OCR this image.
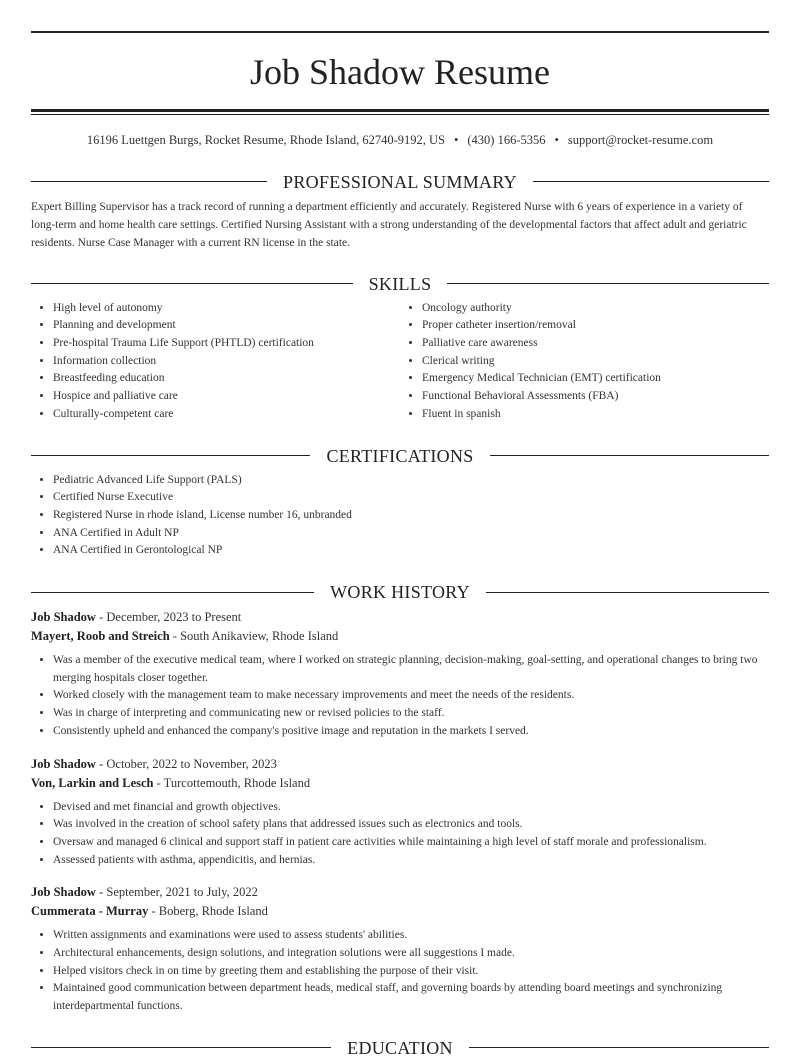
Job Shadow Resume
16196 Luettgen Burgs, Rocket Resume, Rhode Island, 62740-9192, US • (430) 166-5356 • support@rocket-resume.com
PROFESSIONAL SUMMARY

Expert Billing Supervisor has a track record of running a department efficiently and accurately. Registered Nurse with 6 years of experience in a variety of long-term and home health care settings. Certified Nursing Assistant with a strong understanding of the developmental factors that affect adult and geriatric residents. Nurse Case Manager with a current RN license in the state.

SKILLS
• High level of autonomy
• Planning and development
• Pre-hospital Trauma Life Support (PHTLD) certification
• Information collection
• Breastfeeding education
• Hospice and palliative care
• Culturally-competent care
• Oncology authority
• Proper catheter insertion/removal
• Palliative care awareness
• Clerical writing
• Emergency Medical Technician (EMT) certification
• Functional Behavioral Assessments (FBA)
• Fluent in spanish
CERTIFICATIONS
• Pediatric Advanced Life Support (PALS)
• Certified Nurse Executive
• Registered Nurse in rhode island, License number 16, unbranded
• ANA Certified in Adult NP
• ANA Certified in Gerontological NP
WORK HISTORY
Job Shadow - December, 2023 to Present
Mayert, Roob and Streich - South Anikaview, Rhode Island
• Was a member of the executive medical team, where I worked on strategic planning, decision-making, goal-setting, and operational changes to bring two merging hospitals closer together.
• Worked closely with the management team to make necessary improvements and meet the needs of the residents.
• Was in charge of interpreting and communicating new or revised policies to the staff.
• Consistently upheld and enhanced the company's positive image and reputation in the markets I served.
Job Shadow - October, 2022 to November, 2023
Von, Larkin and Lesch - Turcottemouth, Rhode Island
• Devised and met financial and growth objectives.
• Was involved in the creation of school safety plans that addressed issues such as electronics and tools.
• Oversaw and managed 6 clinical and support staff in patient care activities while maintaining a high level of staff morale and professionalism.
• Assessed patients with asthma, appendicitis, and hernias.
Job Shadow - September, 2021 to July, 2022
Cummerata - Murray - Boberg, Rhode Island
• Written assignments and examinations were used to assess students' abilities.
• Architectural enhancements, design solutions, and integration solutions were all suggestions I made.
• Helped visitors check in on time by greeting them and establishing the purpose of their visit.
• Maintained good communication between department heads, medical staff, and governing boards by attending board meetings and synchronizing interdepartmental functions.
EDUCATION
